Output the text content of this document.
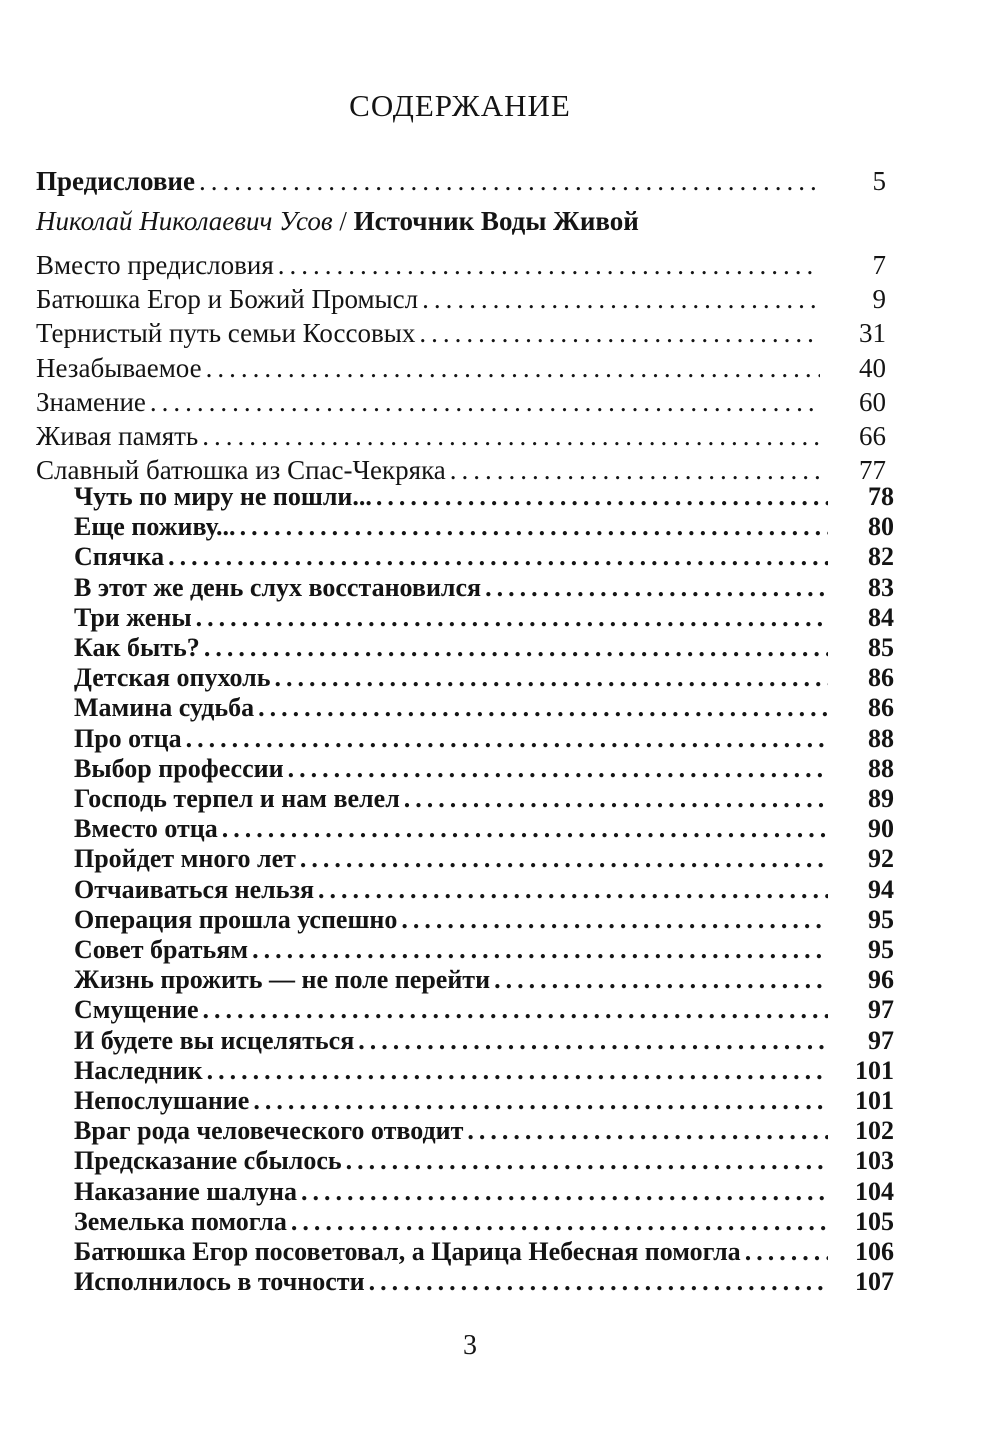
СОДЕРЖАНИЕ
Предисловие .....	5
Николай Николаевич Усов / Источник Воды Живой
Вместо предисловия .....	7
Батюшка Егор и Божий Промысл .....	9
Тернистый путь семьи Коссовых .....	31
Незабываемое .....	40
Знамение .....	60
Живая память .....	66
Славный батюшка из Спас-Чекряка .....	77
Чуть по миру не пошли... .....	78
Еще поживу... .....	80
Спячка .....	82
В этот же день слух восстановился .....	83
Три жены .....	84
Как быть? .....	85
Детская опухоль .....	86
Мамина судьба .....	86
Про отца .....	88
Выбор профессии .....	88
Господь терпел и нам велел .....	89
Вместо отца .....	90
Пройдет много лет .....	92
Отчаиваться нельзя .....	94
Операция прошла успешно .....	95
Совет братьям .....	95
Жизнь прожить — не поле перейти .....	96
Смущение .....	97
И будете вы исцеляться .....	97
Наследник .....	101
Непослушание .....	101
Враг рода человеческого отводит .....	102
Предсказание сбылось .....	103
Наказание шалуна .....	104
Земелька помогла .....	105
Батюшка Егор посоветовал, а Царица Небесная помогла .....	106
Исполнилось в точности .....	107
3
